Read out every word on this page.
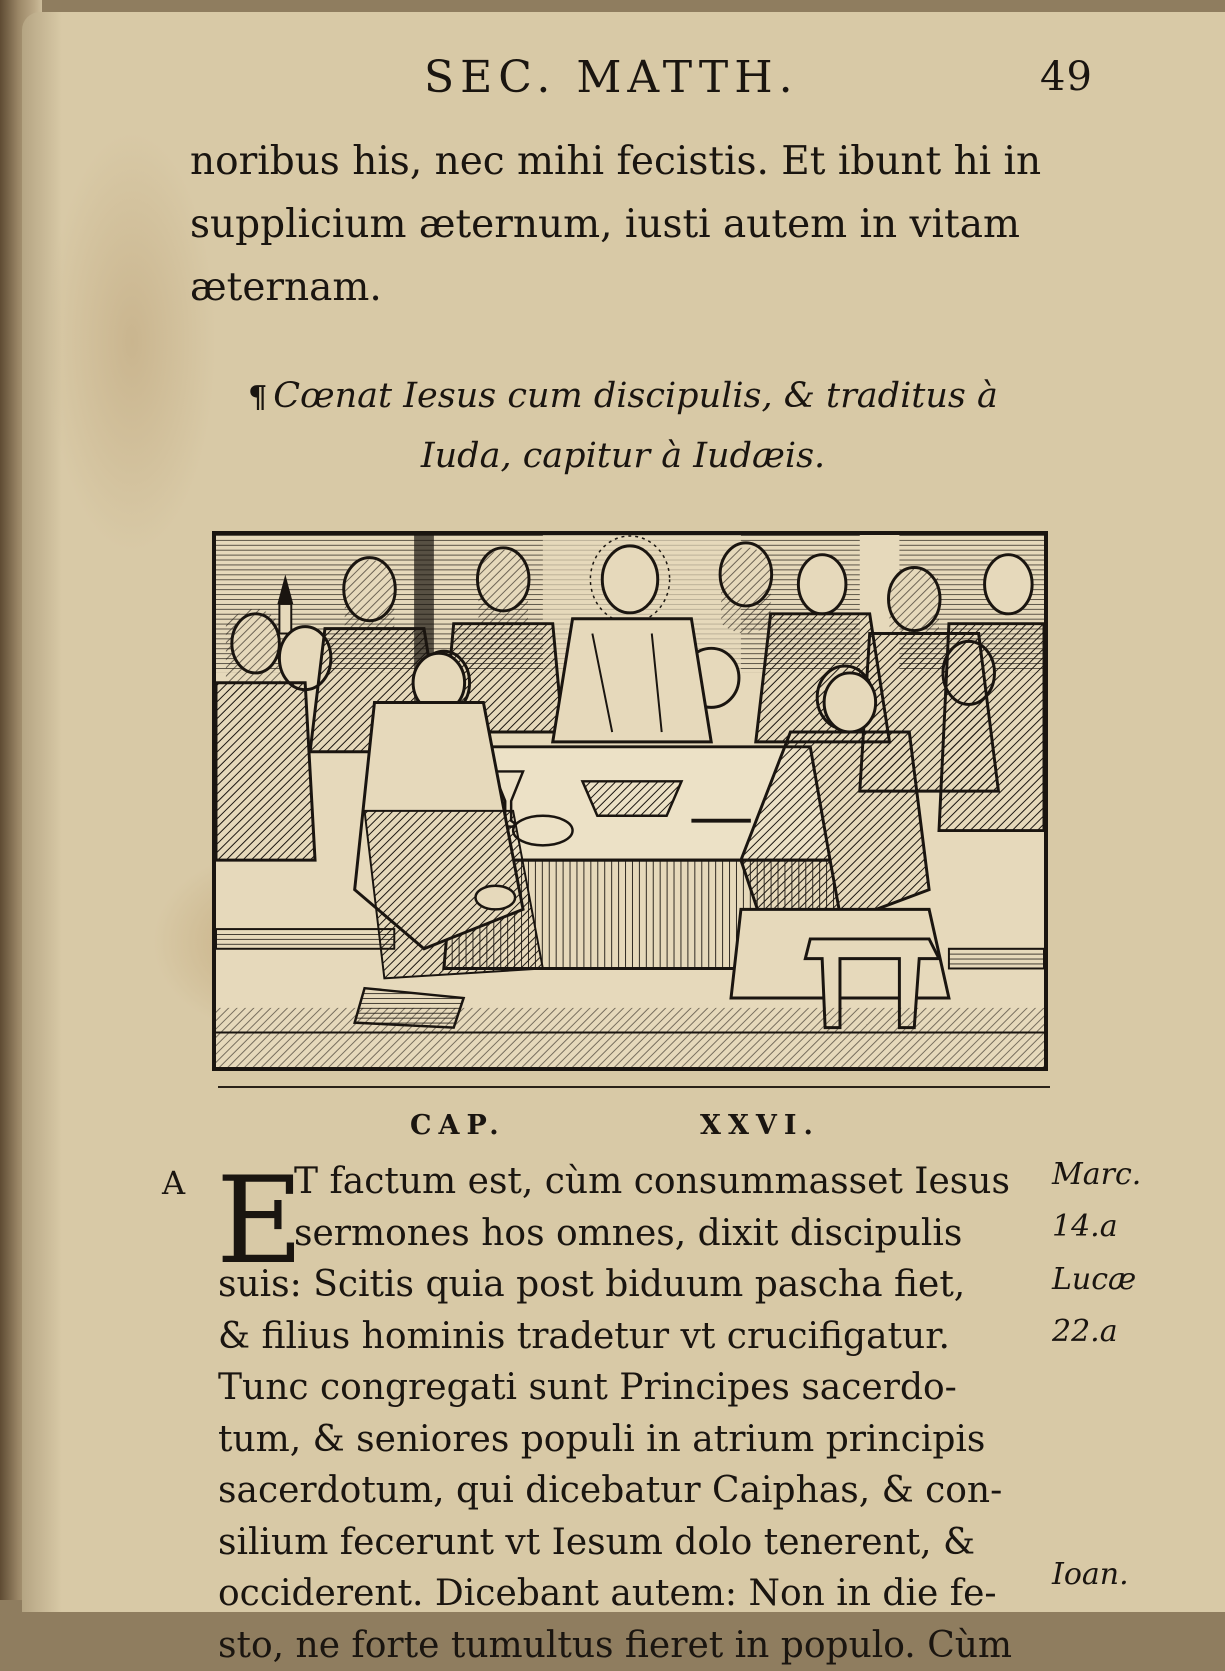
SEC. MATTH.	49
noribus his, nec mihi fecistis. Et ibunt hi in
supplicium æternum, iusti autem in vitam
æternam.
¶ Cœnat Iesus cum discipulis, & traditus à
Iuda, capitur à Iudæis.
CAP.	XXVI.
A E
T factum est, cùm consummasset Iesus
sermones hos omnes, dixit discipulis
suis: Scitis quia post biduum pascha fiet,
& filius hominis tradetur vt crucifigatur.
Tunc congregati sunt Principes sacerdo-
tum, & seniores populi in atrium principis
sacerdotum, qui dicebatur Caiphas, & con-
silium fecerunt vt Iesum dolo tenerent, &
occiderent. Dicebant autem: Non in die fe-
sto, ne forte tumultus fieret in populo. Cùm
Marc.
14.a
Lucæ
22.a
Ioan.
